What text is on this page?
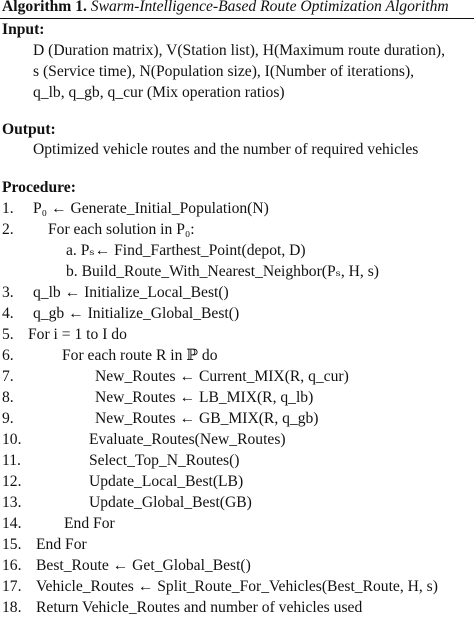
Algorithm 1. Swarm-Intelligence-Based Route Optimization Algorithm
Input:
D (Duration matrix), V(Station list), H(Maximum route duration),
s (Service time), N(Population size), I(Number of iterations),
q_lb, q_gb, q_cur (Mix operation ratios)
Output:
Optimized vehicle routes and the number of required vehicles
Procedure:
1. P₀ ← Generate_Initial_Population(N)
2. For each solution in P₀:
a. Pₛ← Find_Farthest_Point(depot, D)
b. Build_Route_With_Nearest_Neighbor(Pₛ, H, s)
3. q_lb ← Initialize_Local_Best()
4. q_gb ← Initialize_Global_Best()
5. For i = 1 to I do
6.	For each route R in ℙ do
7.	New_Routes ← Current_MIX(R, q_cur)
8.	New_Routes ← LB_MIX(R, q_lb)
9.	New_Routes ← GB_MIX(R, q_gb)
10.	Evaluate_Routes(New_Routes)
11.	Select_Top_N_Routes()
12.	Update_Local_Best(LB)
13.	Update_Global_Best(GB)
14.	End For
15. End For
16. Best_Route ← Get_Global_Best()
17. Vehicle_Routes ← Split_Route_For_Vehicles(Best_Route, H, s)
18. Return Vehicle_Routes and number of vehicles used
